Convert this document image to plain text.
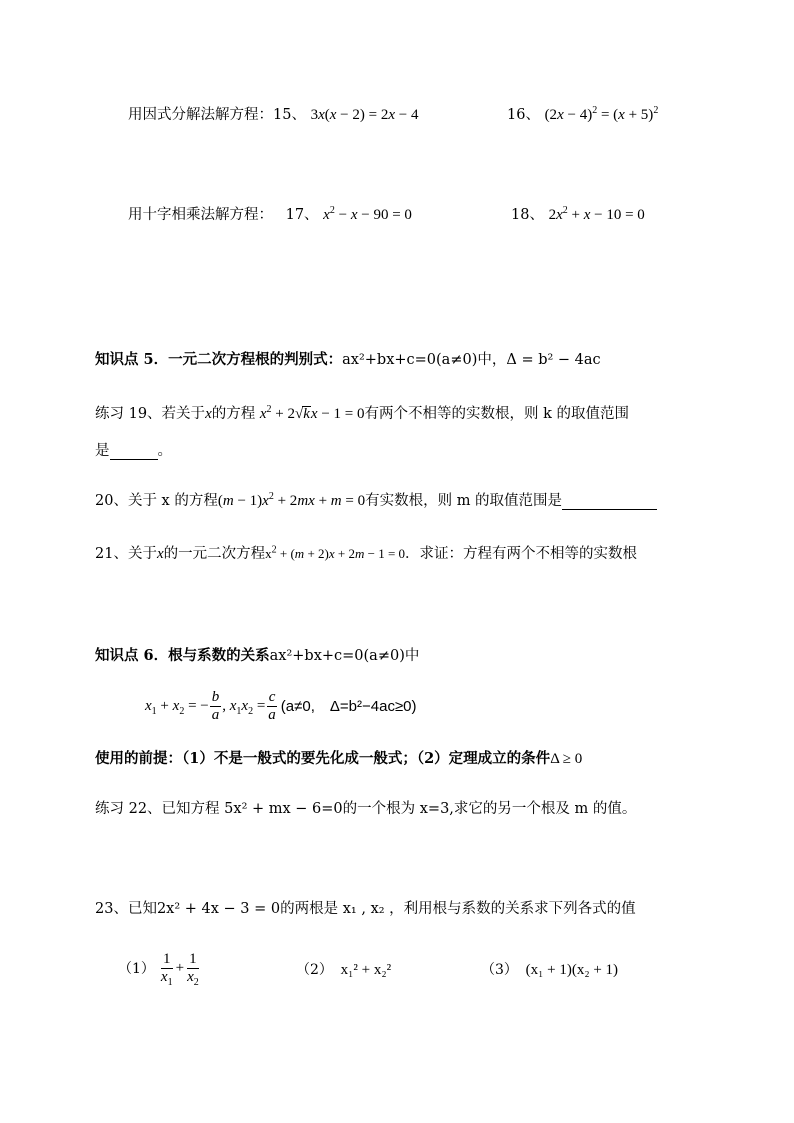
用因式分解法解方程：15、 3x(x − 2) = 2x − 4	16、 $(2x - 4)^2 = (x + 5)^2$
用十字相乘法解方程： 17、 $x^2 - x - 90 = 0$	18、 $2x^2 + x - 10 = 0$
知识点 5．一元二次方程根的判别式：ax²+bx+c=0(a≠0)中，Δ = b² − 4ac
练习 19、若关于x的方程 $x^2 + 2√kx - 1 = 0$有两个不相等的实数根，则 k 的取值范围
是	。
20、关于 x 的方程$(m - 1)x^2 + 2mx + m = 0$有实数根，则 m 的取值范围是
21、关于x的一元二次方程$x^2 + (m + 2)x + 2m - 1 = 0$．求证：方程有两个不相等的实数根
知识点 6．根与系数的关系ax²+bx+c=0(a≠0)中
$x_1 + x_2$ = − $\frac{b}{a}$ , $x_1x_2 = \frac{c}{a} (a\ne 0$,　Δ=b²−4ac≥0)
使用的前提：（1）不是一般式的要先化成一般式；（2）定理成立的条件Δ ≥ 0
练习 22、已知方程 5x² + mx − 6=0的一个根为 x=3,求它的另一个根及 m 的值。
23、已知2x² + 4x − 3 = 0的两根是 x₁ , x₂ ，利用根与系数的关系求下列各式的值
$(1) \frac{1}{x_1} + \frac{1}{x_2}$	（2） x₁² + x₂²	（3） (x₁ + 1)(x₂ + 1)
